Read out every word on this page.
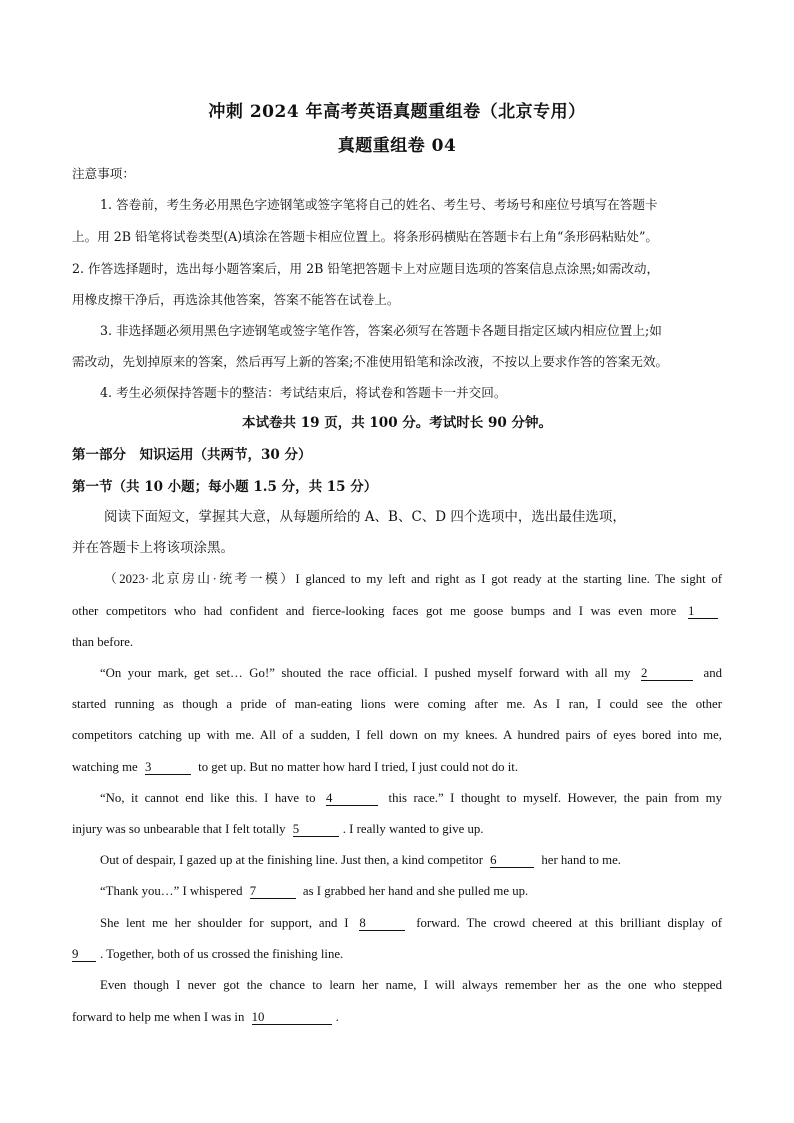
冲刺 2024 年高考英语真题重组卷（北京专用）
真题重组卷 04
注意事项：
1. 答卷前，考生务必用黑色字迹钢笔或签字笔将自己的姓名、考生号、考场号和座位号填写在答题卡
上。用 2B 铅笔将试卷类型(A)填涂在答题卡相应位置上。将条形码横贴在答题卡右上角“条形码粘贴处”。
2. 作答选择题时，选出每小题答案后，用 2B 铅笔把答题卡上对应题目选项的答案信息点涂黑;如需改动，
用橡皮擦干净后，再选涂其他答案，答案不能答在试卷上。
3. 非选择题必须用黑色字迹钢笔或签字笔作答，答案必须写在答题卡各题目指定区域内相应位置上;如
需改动，先划掉原来的答案，然后再写上新的答案;不准使用铅笔和涂改液，不按以上要求作答的答案无效。
4. 考生必须保持答题卡的整洁：考试结束后，将试卷和答题卡一并交回。
本试卷共 19 页，共 100 分。考试时长 90 分钟。
第一部分　知识运用（共两节，30 分）
第一节（共 10 小题；每小题 1.5 分，共 15 分）
阅读下面短文，掌握其大意，从每题所给的 A、B、C、D 四个选项中，选出最佳选项，
并在答题卡上将该项涂黑。
（2023·北京房山·统考一模）I glanced to my left and right as I got ready at the starting line. The sight of
other competitors who had confident and fierce-looking faces got me goose bumps and I was even more 1
than before.
“On your mark, get set… Go!” shouted the race official. I pushed myself forward with all my 2	and
started running as though a pride of man-eating lions were coming after me. As I ran, I could see the other
competitors catching up with me. All of a sudden, I fell down on my knees. A hundred pairs of eyes bored into me,
watching me 3	to get up. But no matter how hard I tried, I just could not do it.
“No, it cannot end like this. I have to 4	this race.” I thought to myself. However, the pain from my
injury was so unbearable that I felt totally 5	. I really wanted to give up.
Out of despair, I gazed up at the finishing line. Just then, a kind competitor 6	her hand to me.
“Thank you…” I whispered 7	as I grabbed her hand and she pulled me up.
She lent me her shoulder for support, and I 8	forward. The crowd cheered at this brilliant display of
9 . Together, both of us crossed the finishing line.
Even though I never got the chance to learn her name, I will always remember her as the one who stepped
forward to help me when I was in 10	.
